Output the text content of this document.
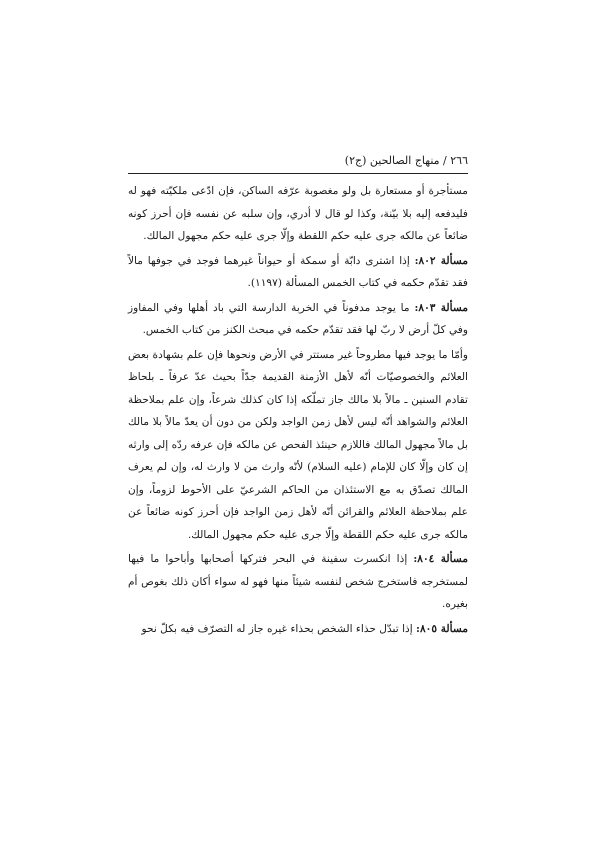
٢٦٦ / منهاج الصالحين (ج٢)

مستأجرة أو مستعارة بل ولو مغصوبة عرّفه الساكن، فإن ادّعى ملكيّته فهو له فليدفعه إليه بلا بيّنة، وكذا لو قال لا أدري، وإن سلبه عن نفسه فإن أحرز كونه ضائعاً عن مالكه جرى عليه حكم اللقطة وإلّا جرى عليه حكم مجهول المالك.

مسألة ٨٠٢: إذا اشترى دابّة أو سمكة أو حيواناً غيرهما فوجد في جوفها مالاً فقد تقدّم حكمه في كتاب الخمس المسألة (١١٩٧).

مسألة ٨٠٣: ما يوجد مدفوناً في الخربة الدارسة التي باد أهلها وفي المفاوز وفي كلّ أرض لا ربّ لها فقد تقدّم حكمه في مبحث الكنز من كتاب الخمس.

وأمّا ما يوجد فيها مطروحاً غير مستتر في الأرض ونحوها فإن علم بشهادة بعض العلائم والخصوصيّات أنّه لأهل الأزمنة القديمة جدّاً بحيث عدّ عرفاً ـ بلحاظ تقادم السنين ـ مالاً بلا مالك جاز تملّكه إذا كان كذلك شرعاً، وإن علم بملاحظة العلائم والشواهد أنّه ليس لأهل زمن الواجد ولكن من دون أن يعدّ مالاً بلا مالك بل مالاً مجهول المالك فاللازم حينئذ الفحص عن مالكه فإن عرفه ردّه إلى وارثه إن كان وإلّا كان للإمام (عليه السلام) لأنّه وارث من لا وارث له، وإن لم يعرف المالك تصدّق به مع الاستئذان من الحاكم الشرعيّ على الأحوط لزوماً، وإن علم بملاحظة العلائم والقرائن أنّه لأهل زمن الواجد فإن أحرز كونه ضائعاً عن مالكه جرى عليه حكم اللقطة وإلّا جرى عليه حكم مجهول المالك.

مسألة ٨٠٤: إذا انكسرت سفينة في البحر فتركها أصحابها وأباحوا ما فيها لمستخرجه فاستخرج شخص لنفسه شيئاً منها فهو له سواء أكان ذلك بغوص أم بغيره.

مسألة ٨٠٥: إذا تبدّل حذاء الشخص بحذاء غيره جاز له التصرّف فيه بكلّ نحو
